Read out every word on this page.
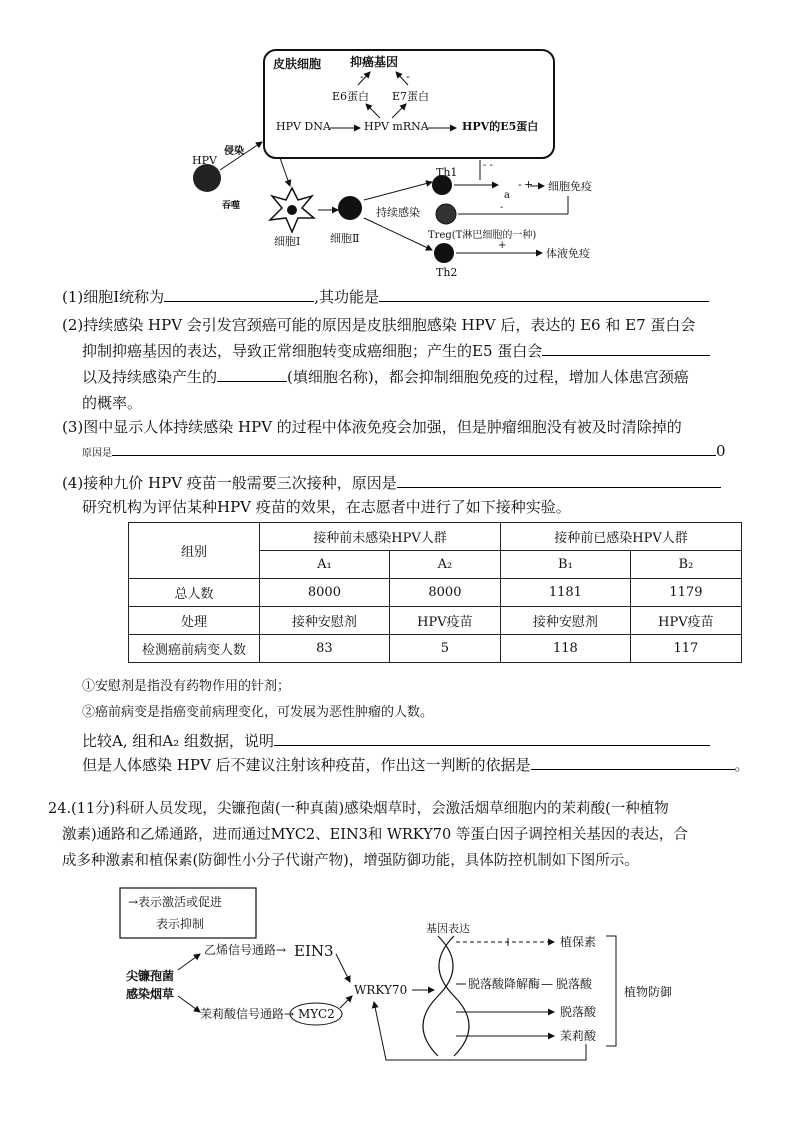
皮肤细胞 抑癌基因
-	-
E6蛋白 E7蛋白
HPV DNA	HPV mRNA	HPV的E5蛋白
HPV
侵染
吞噬
细胞Ⅰ	细胞Ⅱ
持续感染
Th1
Treg(T淋巴细胞的一种)
Th2
a
- + 细胞免疫
- -
-
+
体液免疫
(1)细胞Ⅰ统称为	,其功能是
(2)持续感染 HPV 会引发宫颈癌可能的原因是皮肤细胞感染 HPV 后，表达的 E6 和 E7 蛋白会
抑制抑癌基因的表达，导致正常细胞转变成癌细胞；产生的E5 蛋白会
以及持续感染产生的	(填细胞名称)，都会抑制细胞免疫的过程，增加人体患宫颈癌
的概率。
(3)图中显示人体持续感染 HPV 的过程中体液免疫会加强，但是肿瘤细胞没有被及时清除掉的
原因是	0
(4)接种九价 HPV 疫苗一般需要三次接种，原因是
研究机构为评估某种HPV 疫苗的效果，在志愿者中进行了如下接种实验。
组别	接种前未感染HPV人群		接种前已感染HPV人群	
	A₁	A₂	B₁	B₂
总人数	8000	8000	1181	1179
处理	接种安慰剂	HPV疫苗	接种安慰剂	HPV疫苗
检测癌前病变人数	83	5	118	117
①安慰剂是指没有药物作用的针剂；
②癌前病变是指癌变前病理变化，可发展为恶性肿瘤的人数。
比较A, 组和A₂ 组数据，说明
但是人体感染 HPV 后不建议注射该种疫苗，作出这一判断的依据是	。
24.(11分)科研人员发现，尖镰孢菌(一种真菌)感染烟草时，会激活烟草细胞内的茉莉酸(一种植物
激素)通路和乙烯通路，进而通过MYC2、EIN3和 WRKY70 等蛋白因子调控相关基因的表达，合
成多种激素和植保素(防御性小分子代谢产物)，增强防御功能，具体防控机制如下图所示。
→表示激活或促进
表示抑制
尖镰孢菌
感染烟草
乙烯信号通路→ EIN3
茉莉酸信号通路→ MYC2
WRKY70
基因表达
植保素
脱落酸降解酶 — 脱落酸
脱落酸
茉莉酸
植物防御
